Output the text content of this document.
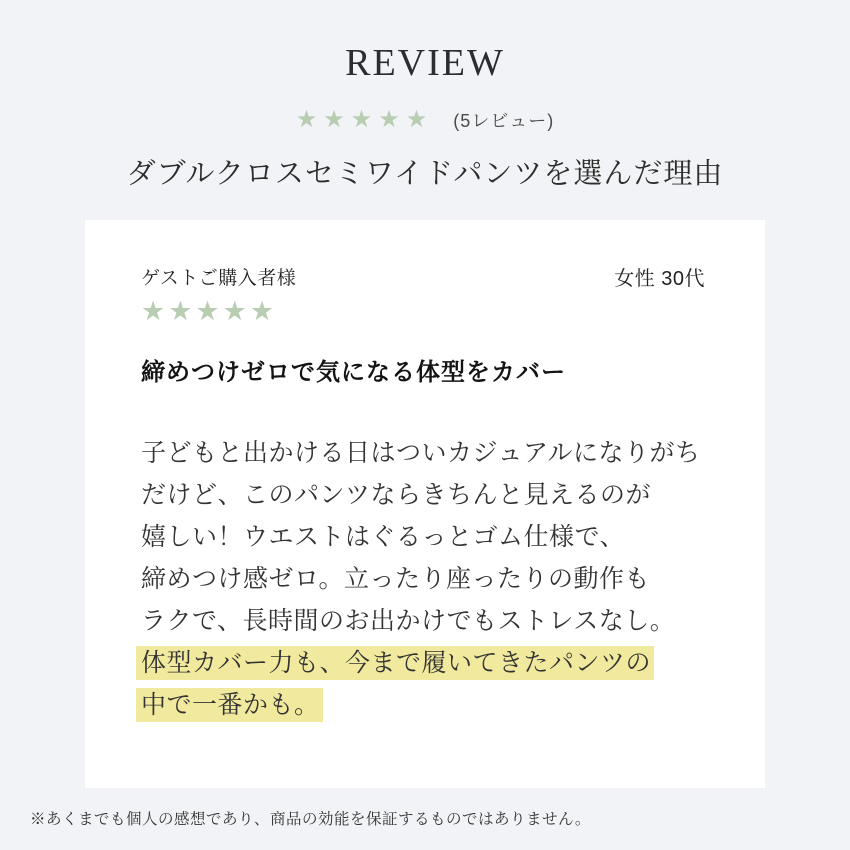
REVIEW
★★★★★ (5レビュー)
ダブルクロスセミワイドパンツを選んだ理由
ゲストご購入者様
★★★★★
女性 30代
締めつけゼロで気になる体型をカバー
子どもと出かける日はついカジュアルになりがち
だけど、このパンツならきちんと見えるのが
嬉しい！ウエストはぐるっとゴム仕様で、
締めつけ感ゼロ。立ったり座ったりの動作も
ラクで、長時間のお出かけでもストレスなし。
体型カバー力も、今まで履いてきたパンツの
中で一番かも。
※あくまでも個人の感想であり、商品の効能を保証するものではありません。
